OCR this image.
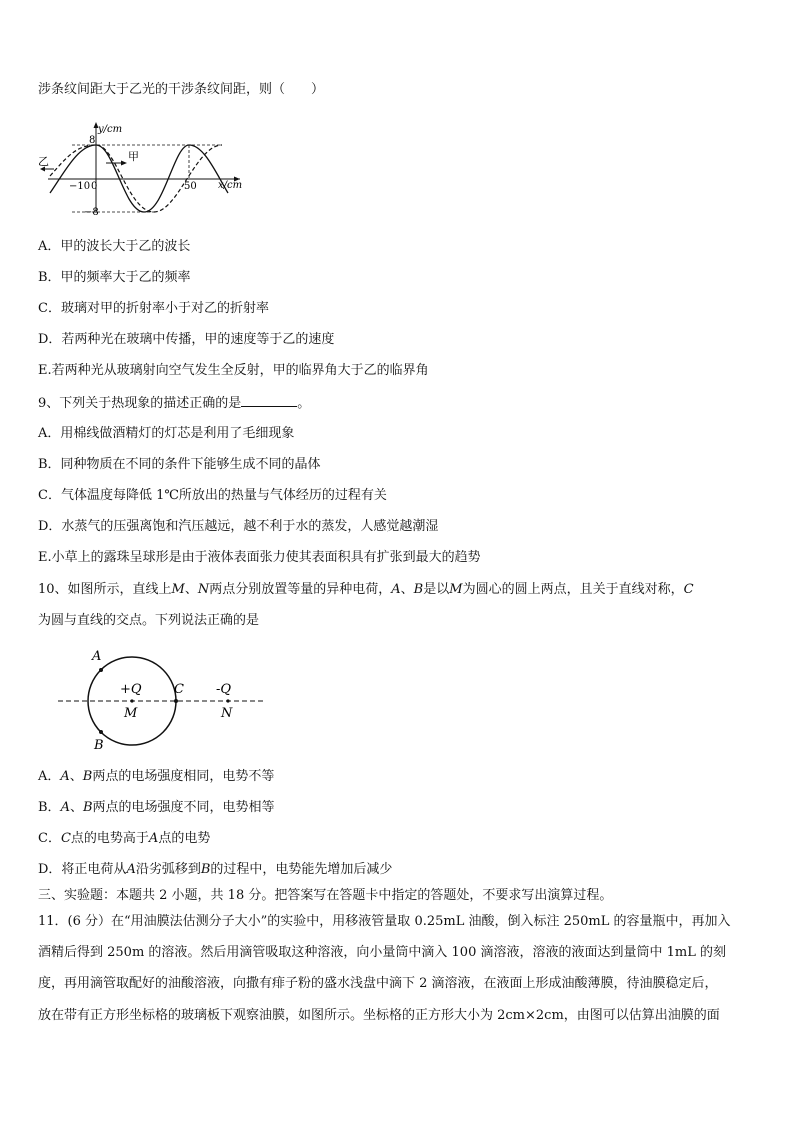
涉条纹间距大于乙光的干涉条纹间距，则（　　）
y/cm
x/cm
8
−8
−10 0	50
乙	甲
A．甲的波长大于乙的波长
B．甲的频率大于乙的频率
C．玻璃对甲的折射率小于对乙的折射率
D．若两种光在玻璃中传播，甲的速度等于乙的速度
E.若两种光从玻璃射向空气发生全反射，甲的临界角大于乙的临界角
9、下列关于热现象的描述正确的是	。
A．用棉线做酒精灯的灯芯是利用了毛细现象
B．同种物质在不同的条件下能够生成不同的晶体
C．气体温度每降低 1℃所放出的热量与气体经历的过程有关
D．水蒸气的压强离饱和汽压越远，越不利于水的蒸发，人感觉越潮湿
E.小草上的露珠呈球形是由于液体表面张力使其表面积具有扩张到最大的趋势
10、如图所示，直线上M、N两点分别放置等量的异种电荷，A、B是以M为圆心的圆上两点，且关于直线对称，C
为圆与直线的交点。下列说法正确的是
A
B
C
M	N
+Q	-Q
A．A、B两点的电场强度相同，电势不等
B．A、B两点的电场强度不同，电势相等
C．C点的电势高于A点的电势
D．将正电荷从A沿劣弧移到B的过程中，电势能先增加后减少
三、实验题：本题共 2 小题，共 18 分。把答案写在答题卡中指定的答题处，不要求写出演算过程。
11．(6 分）在“用油膜法估测分子大小”的实验中，用移液管量取 0.25mL 油酸，倒入标注 250mL 的容量瓶中，再加入
酒精后得到 250m 的溶液。然后用滴管吸取这种溶液，向小量筒中滴入 100 滴溶液，溶液的液面达到量筒中 1mL 的刻
度，再用滴管取配好的油酸溶液，向撒有痱子粉的盛水浅盘中滴下 2 滴溶液，在液面上形成油酸薄膜，待油膜稳定后，
放在带有正方形坐标格的玻璃板下观察油膜，如图所示。坐标格的正方形大小为 2cm×2cm，由图可以估算出油膜的面
